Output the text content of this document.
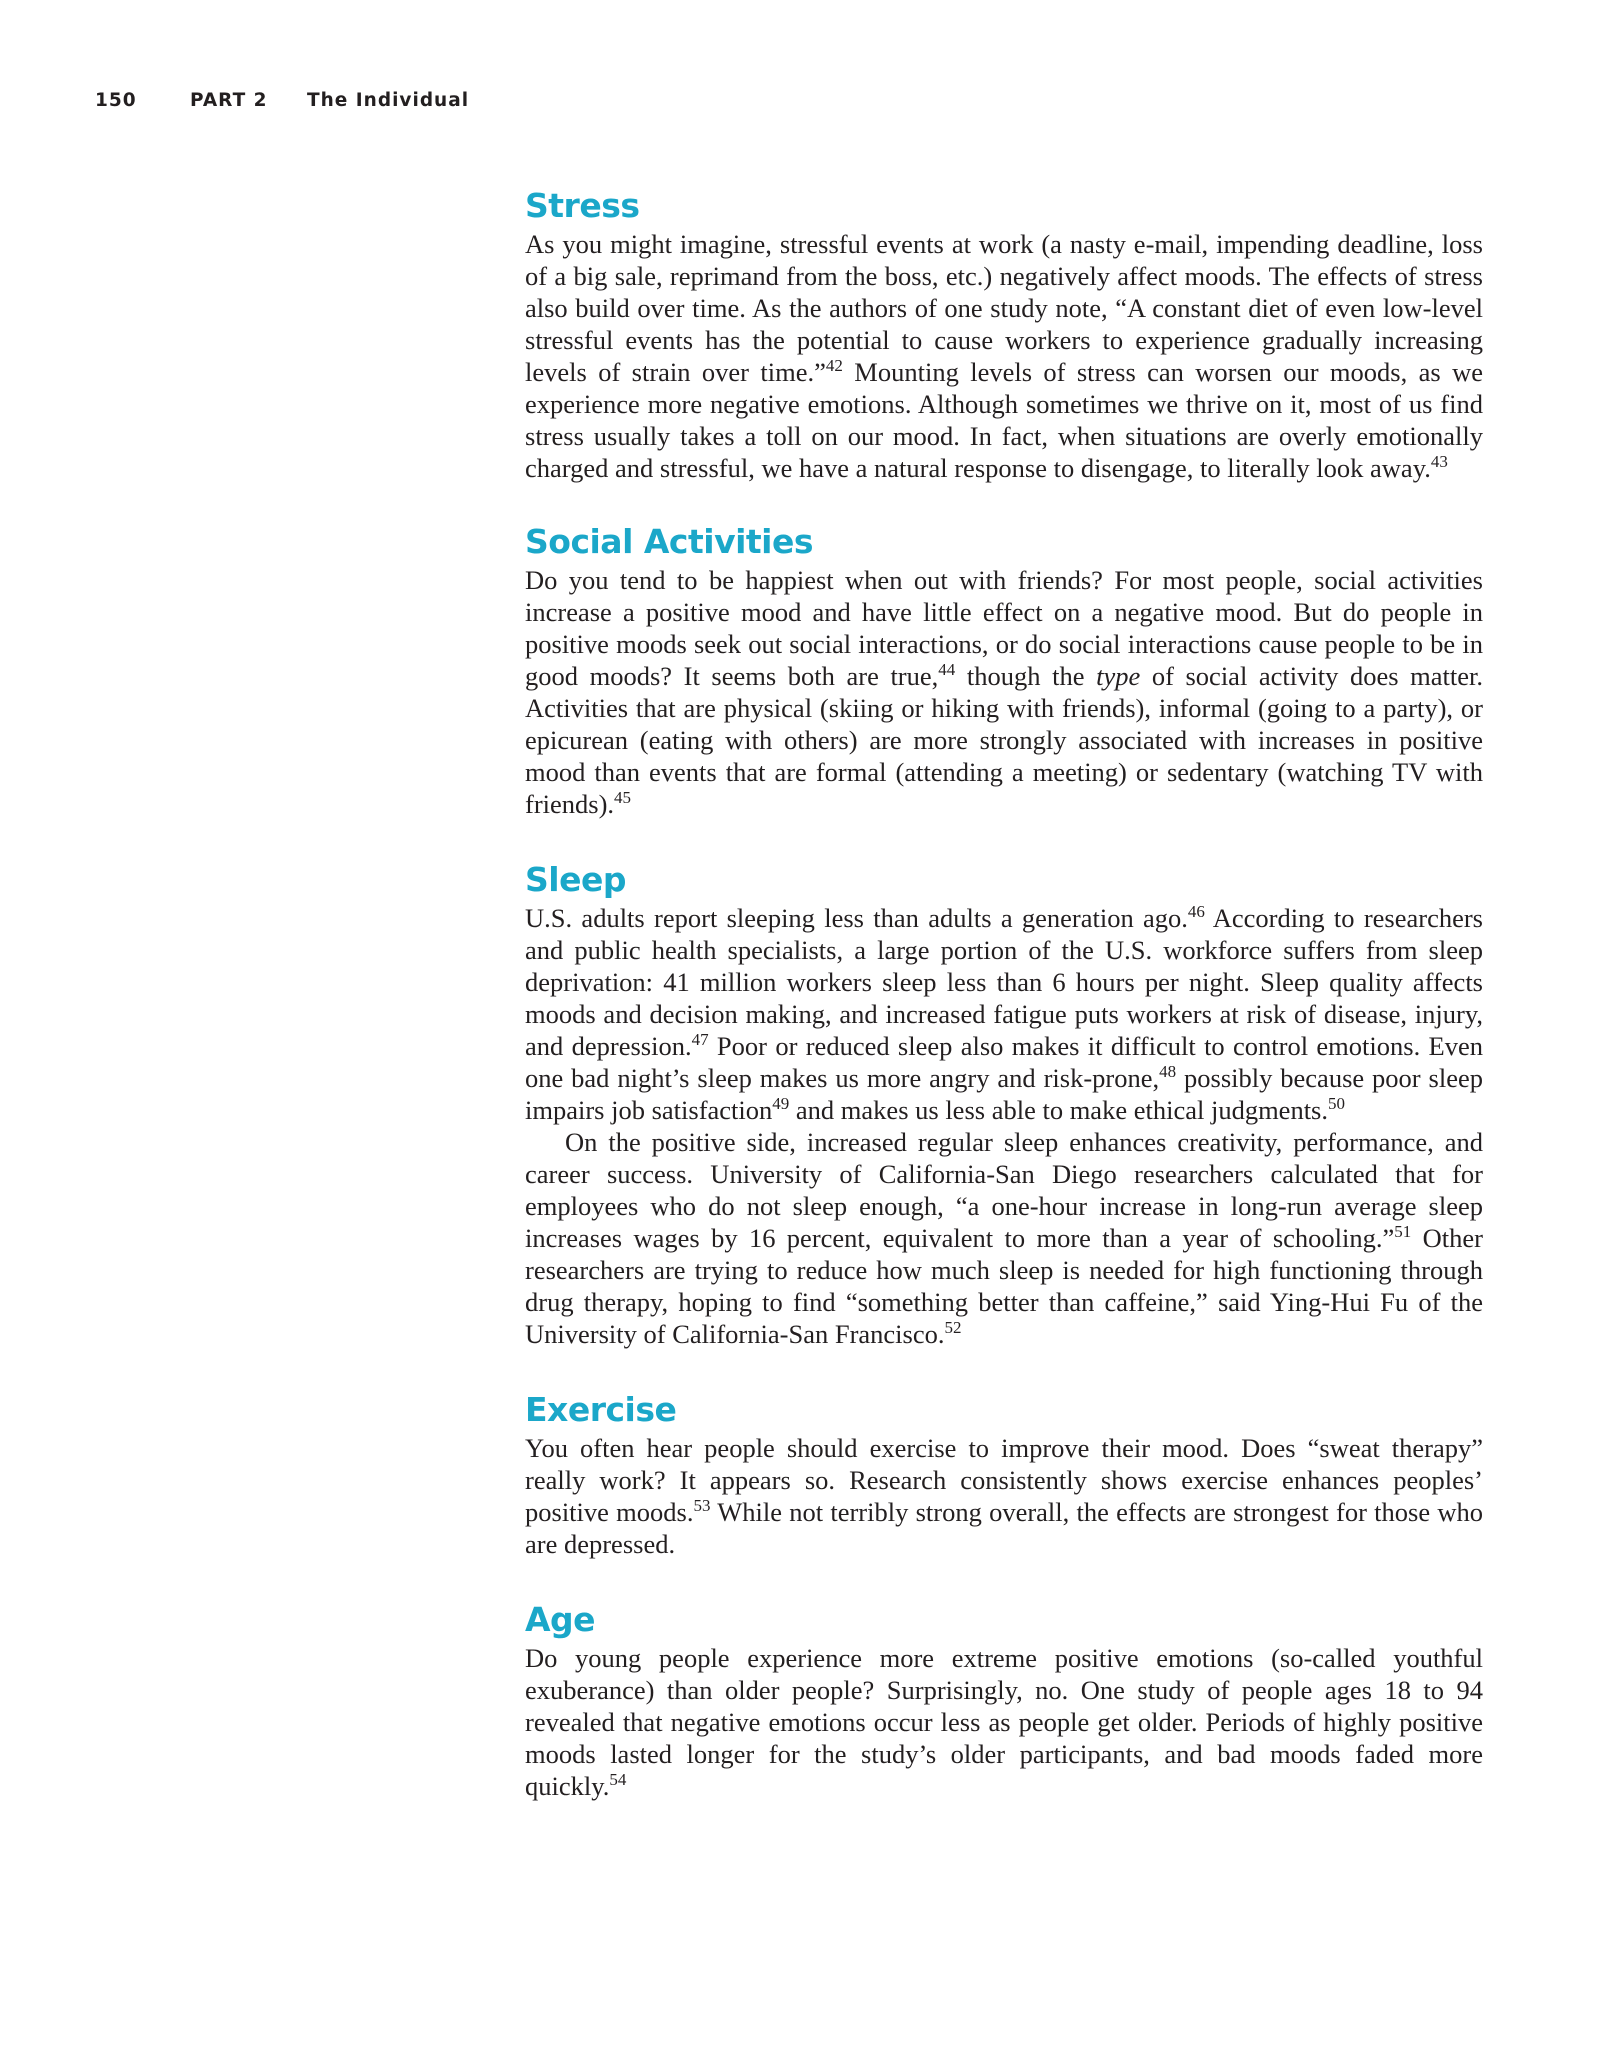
150	PART 2 The Individual
Stress

As you might imagine, stressful events at work (a nasty e-mail, impending deadline, loss of a big sale, reprimand from the boss, etc.) negatively affect moods. The effects of stress also build over time. As the authors of one study note, “A constant diet of even low-level stressful events has the potential to cause workers to experience gradually increasing levels of strain over time.”$^{42}$ Mounting levels of stress can worsen our moods, as we experience more negative emotions. Although sometimes we thrive on it, most of us find stress usually takes a toll on our mood. In fact, when situations are overly emotionally charged and stressful, we have a natural response to disengage, to literally look away.$^{43}$

Social Activities

Do you tend to be happiest when out with friends? For most people, social activities increase a positive mood and have little effect on a negative mood. But do people in positive moods seek out social interactions, or do social interactions cause people to be in good moods? It seems both are true,$^{44}$ though the type of social activity does matter. Activities that are physical (skiing or hiking with friends), informal (going to a party), or epicurean (eating with others) are more strongly associated with increases in positive mood than events that are formal (attending a meeting) or sedentary (watching TV with friends).$^{45}$

Sleep

U.S. adults report sleeping less than adults a generation ago.$^{46}$ According to researchers and public health specialists, a large portion of the U.S. workforce suffers from sleep deprivation: 41 million workers sleep less than 6 hours per night. Sleep quality affects moods and decision making, and increased fatigue puts workers at risk of disease, injury, and depression.$^{47}$ Poor or reduced sleep also makes it difficult to control emotions. Even one bad night’s sleep makes us more angry and risk-prone,$^{48}$ possibly because poor sleep impairs job satisfaction$^{49}$ and makes us less able to make ethical judgments.$^{50}$

On the positive side, increased regular sleep enhances creativity, performance, and career success. University of California-San Diego researchers calculated that for employees who do not sleep enough, “a one-hour increase in long-run average sleep increases wages by 16 percent, equivalent to more than a year of schooling.”$^{51}$ Other researchers are trying to reduce how much sleep is needed for high functioning through drug therapy, hoping to find “something better than caffeine,” said Ying-Hui Fu of the University of California-San Francisco.$^{52}$

Exercise

You often hear people should exercise to improve their mood. Does “sweat therapy” really work? It appears so. Research consistently shows exercise enhances peoples’ positive moods.$^{53}$ While not terribly strong overall, the effects are strongest for those who are depressed.

Age

Do young people experience more extreme positive emotions (so-called youthful exuberance) than older people? Surprisingly, no. One study of people ages 18 to 94 revealed that negative emotions occur less as people get older. Periods of highly positive moods lasted longer for the study’s older participants, and bad moods faded more quickly.$^{54}$
